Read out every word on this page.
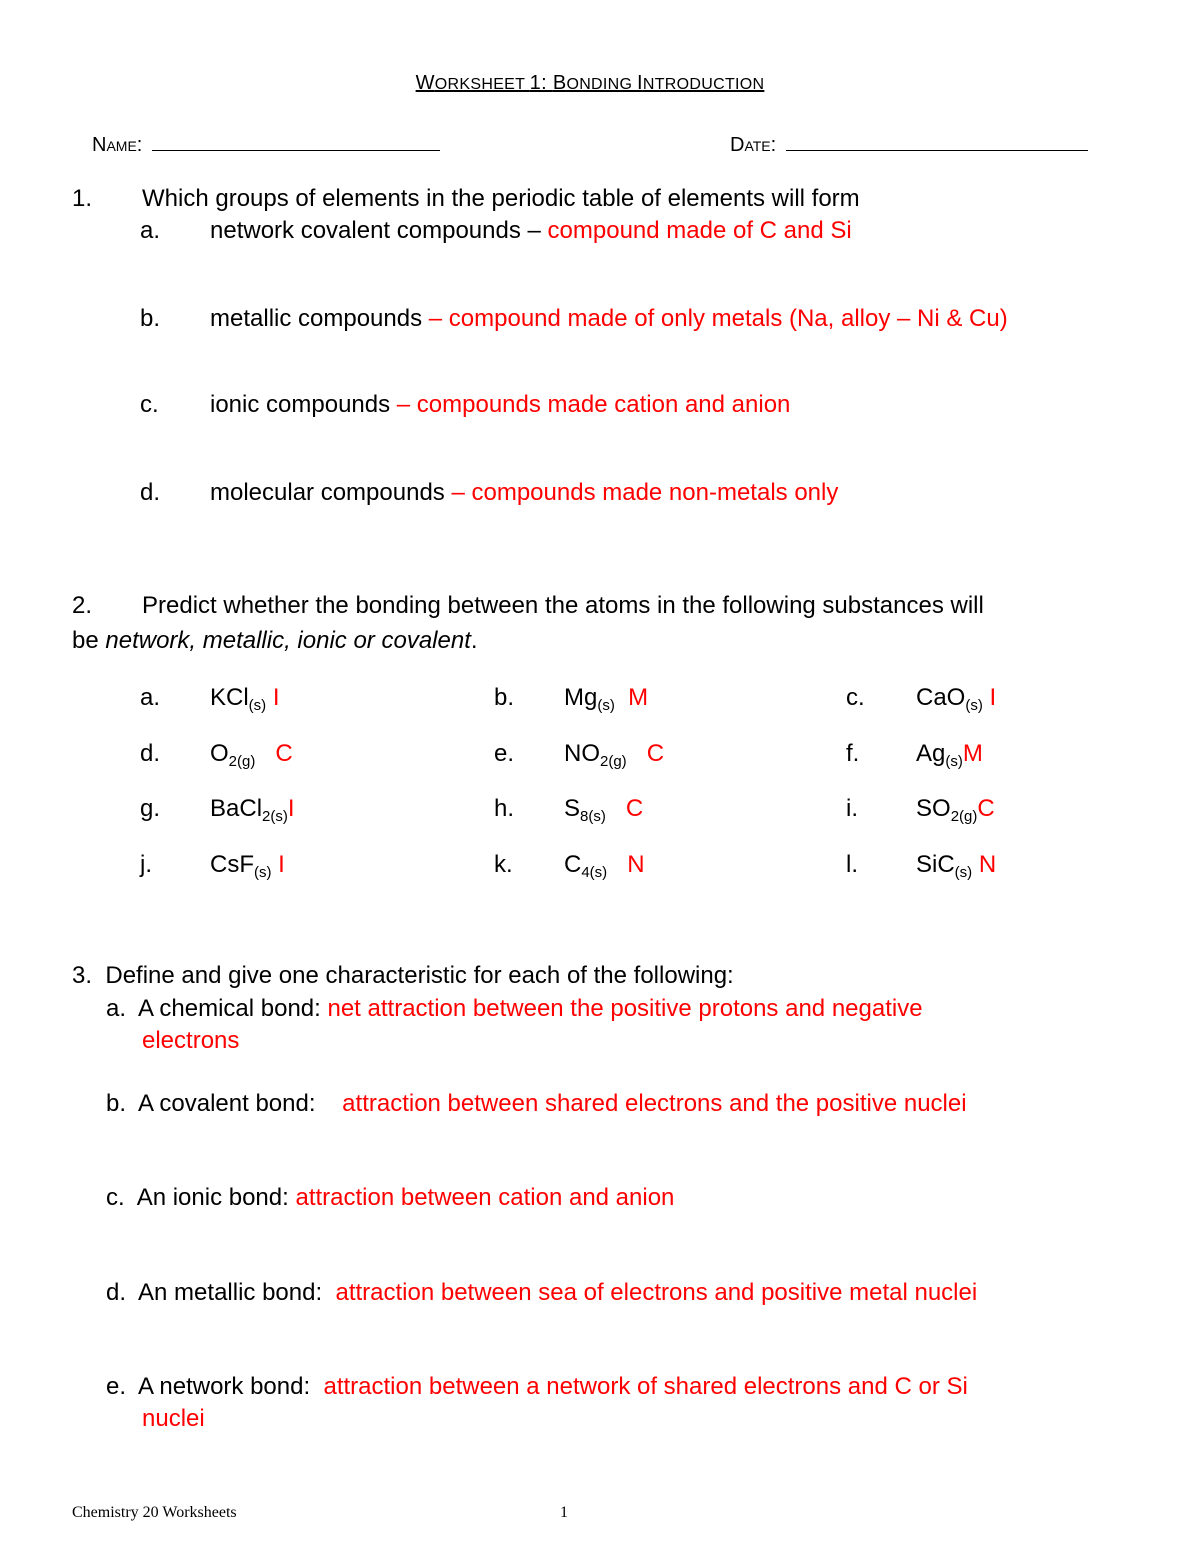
WORKSHEET 1: BONDING INTRODUCTION
Name:	Date:
1. Which groups of elements in the periodic table of elements will form
a. network covalent compounds – compound made of C and Si
b. metallic compounds – compound made of only metals (Na, alloy – Ni & Cu)
c. ionic compounds – compounds made cation and anion
d. molecular compounds – compounds made non-metals only
2. Predict whether the bonding between the atoms in the following substances will
be network, metallic, ionic or covalent.
a. KCl$_{(s)}$ I	b. $Mg_{(s)}$  M	c. CaO$_{(s)}$ I
d. $O_{2(g)}$   C	e. $NO_{2(g)}$   C	f. $Ag_{(s)}M$
g. BaCl$_{2(s)}$I	h. $S_{8(s)}$   C	i. $SO_{2(g)}C$
j. CsF$_{(s)}$ I	k. $C_{4(s)}$   N	l. SiC$_{(s)}$ N
3. Define and give one characteristic for each of the following:
a. A chemical bond: net attraction between the positive protons and negative
electrons
b. A covalent bond:    attraction between shared electrons and the positive nuclei
c. An ionic bond: attraction between cation and anion
d. An metallic bond:  attraction between sea of electrons and positive metal nuclei
e. A network bond:  attraction between a network of shared electrons and C or Si
nuclei
Chemistry 20 Worksheets	1
